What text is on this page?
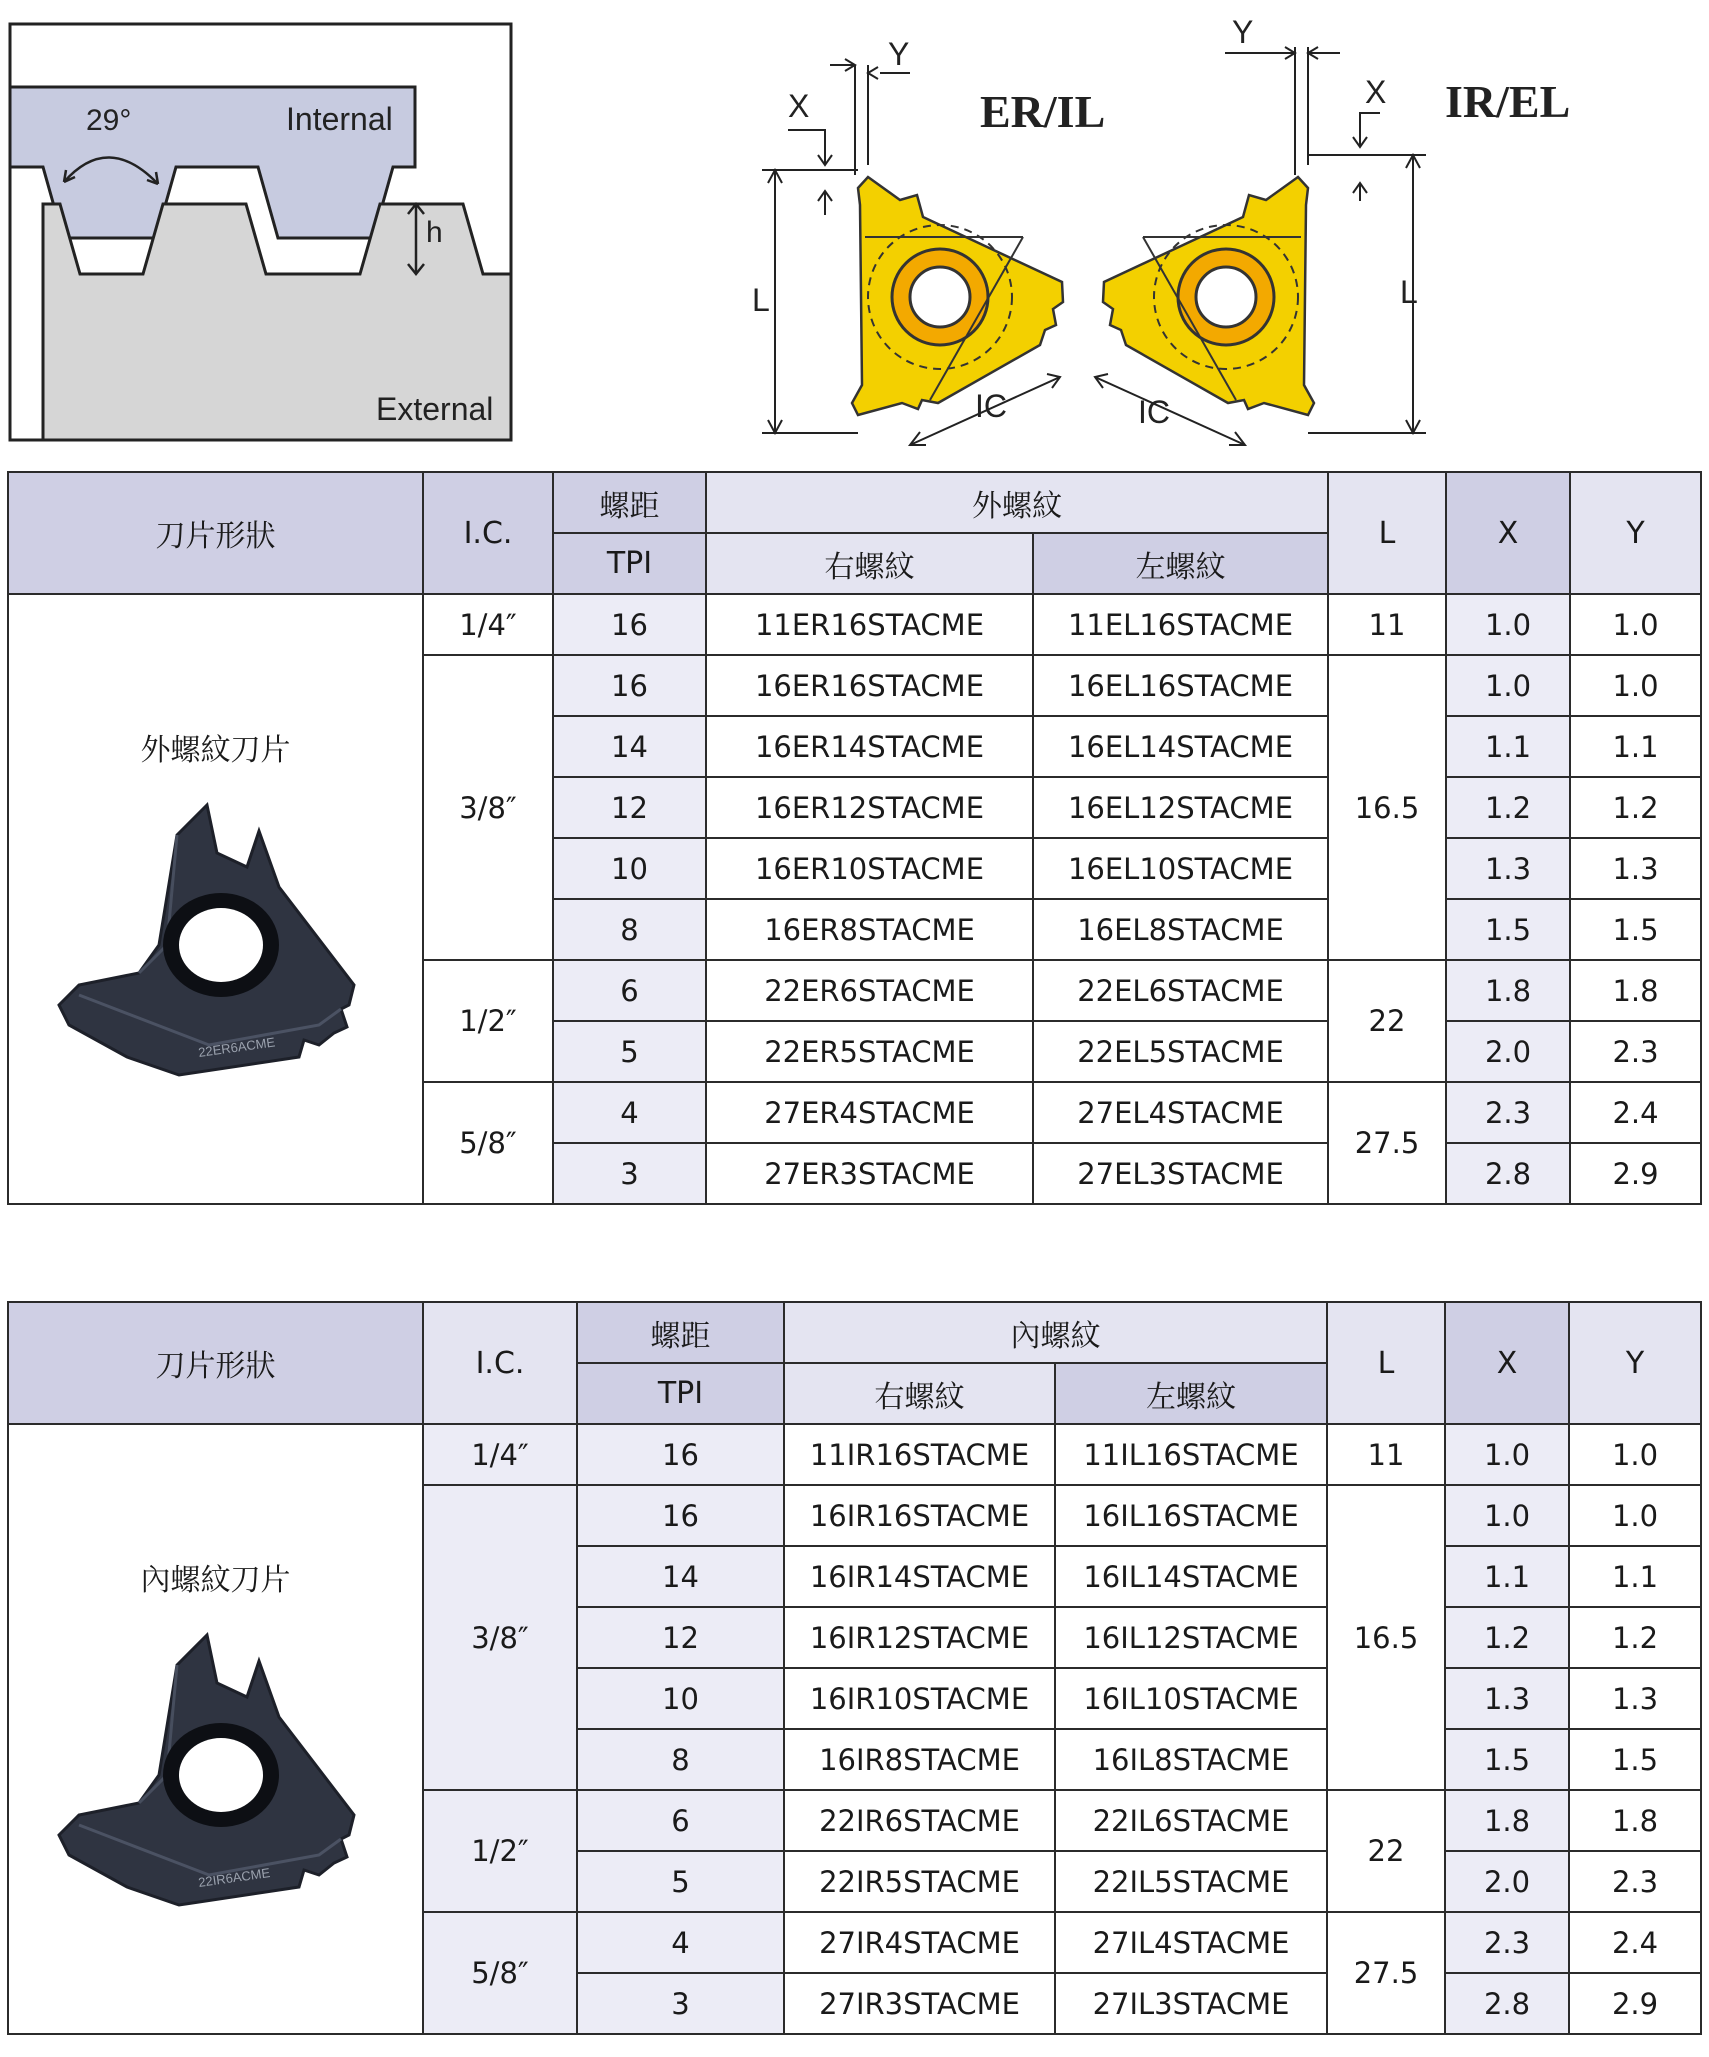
29°
h
Internal
External
X
Y
L
IC
ER/IL	X
Y
L
IC
IR/EL
刀片形狀	I.C.	螺距	外螺紋		L	X	Y
		TPI	右螺紋	左螺紋			

外螺紋刀片
22ER6ACME	1/4″	16	11ER16STACME	11EL16STACME	11	1.0	1.0
	3/8″	16	16ER16STACME	16EL16STACME	16.5	1.0	1.0
		14	16ER14STACME	16EL14STACME		1.1	1.1
		12	16ER12STACME	16EL12STACME		1.2	1.2
		10	16ER10STACME	16EL10STACME		1.3	1.3
		8	16ER8STACME	16EL8STACME		1.5	1.5
	1/2″	6	22ER6STACME	22EL6STACME	22	1.8	1.8
		5	22ER5STACME	22EL5STACME		2.0	2.3
	5/8″	4	27ER4STACME	27EL4STACME	27.5	2.3	2.4
		3	27ER3STACME	27EL3STACME		2.8	2.9
刀片形狀	I.C.	螺距	內螺紋		L	X	Y
		TPI	右螺紋	左螺紋			

內螺紋刀片
22IR6ACME	1/4″	16	11IR16STACME	11IL16STACME	11	1.0	1.0
	3/8″	16	16IR16STACME	16IL16STACME	16.5	1.0	1.0
		14	16IR14STACME	16IL14STACME		1.1	1.1
		12	16IR12STACME	16IL12STACME		1.2	1.2
		10	16IR10STACME	16IL10STACME		1.3	1.3
		8	16IR8STACME	16IL8STACME		1.5	1.5
	1/2″	6	22IR6STACME	22IL6STACME	22	1.8	1.8
		5	22IR5STACME	22IL5STACME		2.0	2.3
	5/8″	4	27IR4STACME	27IL4STACME	27.5	2.3	2.4
		3	27IR3STACME	27IL3STACME		2.8	2.9
